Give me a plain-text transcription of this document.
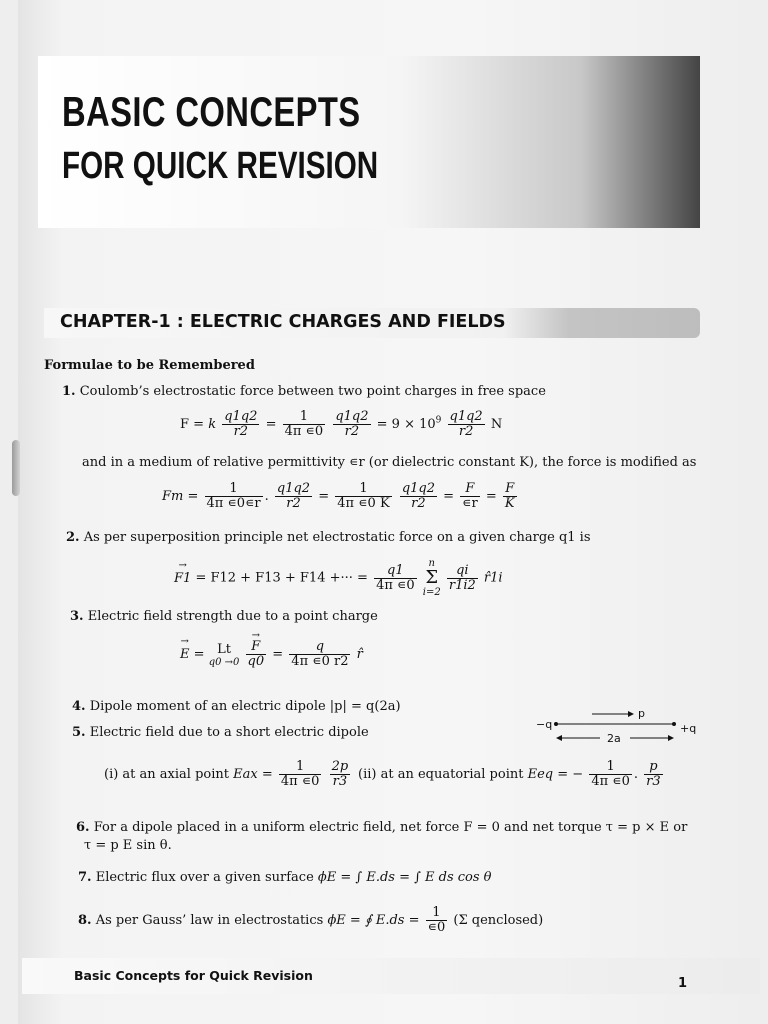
BASIC CONCEPTS
FOR QUICK REVISION
CHAPTER-1 : ELECTRIC CHARGES AND FIELDS
Formulae to be Remembered
1. Coulomb’s electrostatic force between two point charges in free space
F = k $\frac{q1q2}{r2} = \frac{1}{4\pi ∊0}$
$\frac{q1q2}{r2} = 9 \times 10^9 \frac{q1q2}{r2}$ N
and in a medium of relative permittivity ∊r (or dielectric constant K), the force is modified as
$Fm = \frac{1}{4\pi ∊0∊r}$ . $\frac{q1q2}{r2} = \frac{1}{4\pi ∊0 K}$
$\frac{q1q2}{r2} = \frac{F}{∊r} = \frac{F}{K}$
2. As per superposition principle net electrostatic force on a given charge q1 is
→ F1 = F12 + F13 + F14 +··· = $\frac{q1}{4\pi ∊0}$
	n
Σ
i=2
$\frac{qi}{r1i2}$ r̂1i
3. Electric field strength due to a point charge
→ E = Lt
q0 →0

→ $\frac{F}{q0} = \frac{q}{4\pi ∊0 r2}$ r̂
4. Dipole moment of an electric dipole |p| = q(2a)
5. Electric field due to a short electric dipole
−q	+q
p
2a
(i) at an axial point Eax = $\frac{1}{4\pi ∊0}$
$\frac{2p}{r3} (ii)$ at an equatorial point Eeq = − $\frac{1}{4\pi ∊0}$ . $\frac{p}{r3}$
6. For a dipole placed in a uniform electric field, net force F = 0 and net torque τ = p × E or
τ = p E sin θ.
7. Electric flux over a given surface ϕE = ∫ E.ds = ∫ E ds cos θ
8. As per Gauss’ law in electrostatics ϕE = ∮ $E.ds = \frac{1}{∊0} (\Sigma$ qenclosed)
Basic Concepts for Quick Revision
1
